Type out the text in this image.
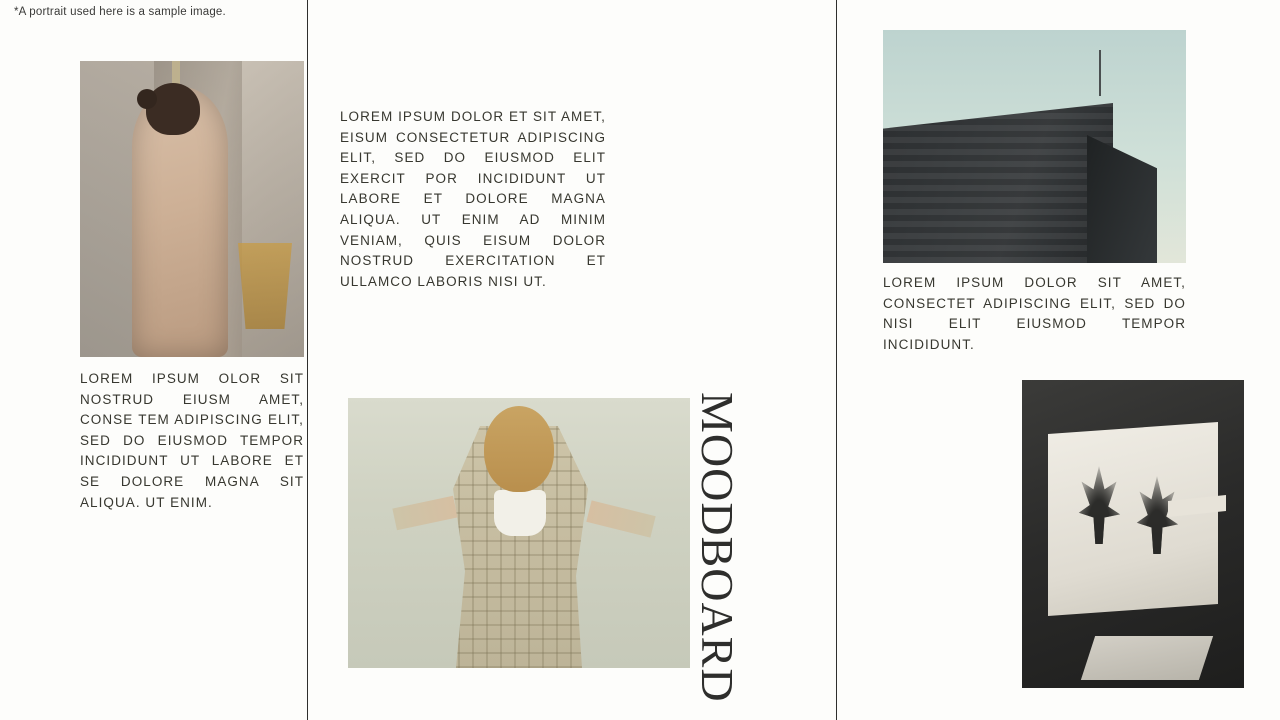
*A portrait used here is a sample image.
LOREM IPSUM OLOR SIT NOSTRUD EIUSM AMET, CONSE TEM ADIPISCING ELIT, SED DO EIUSMOD TEMPOR INCIDIDUNT UT LABORE ET SE DOLORE MAGNA SIT ALIQUA. UT ENIM.
LOREM IPSUM DOLOR ET SIT AMET, EISUM CONSECTETUR ADIPISCING ELIT, SED DO EIUSMOD ELIT EXERCIT POR INCIDIDUNT UT LABORE ET DOLORE MAGNA ALIQUA. UT ENIM AD MINIM VENIAM, QUIS EISUM DOLOR NOSTRUD EXERCITATION ET ULLAMCO LABORIS NISI UT.
MOODBOARD
LOREM IPSUM DOLOR SIT AMET, CONSECTET ADIPISCING ELIT, SED DO NISI ELIT EIUSMOD TEMPOR INCIDIDUNT.
